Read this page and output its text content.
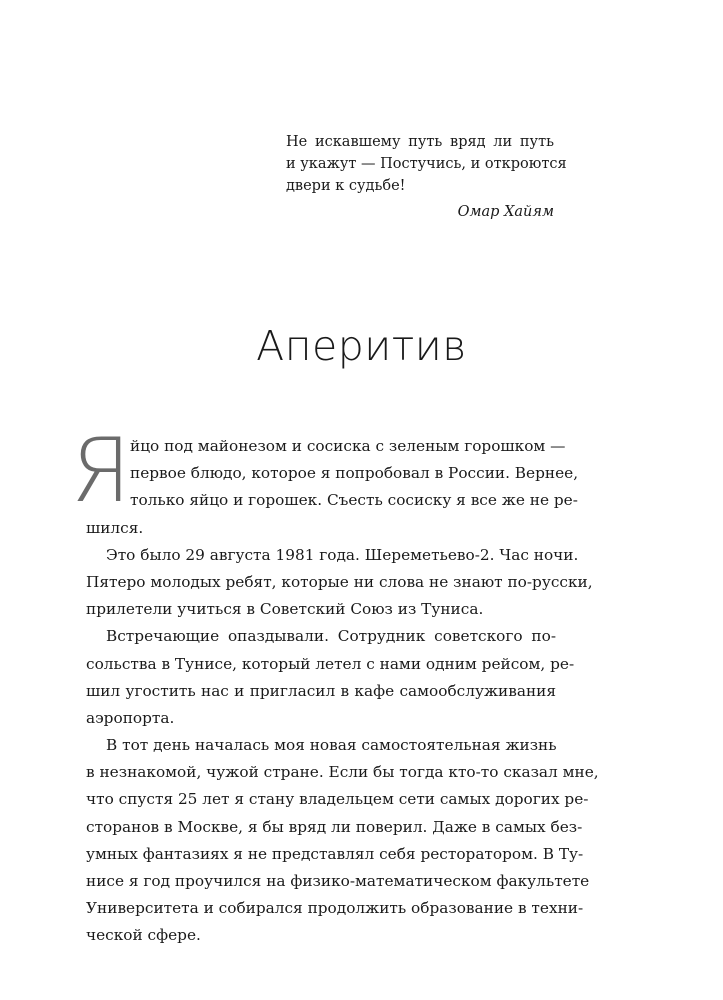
Не искавшему путь вряд ли путь
и укажут — Постучись, и откроются
двери к судьбе!
Омар Хайям
Аперитив
Я
йцо под майонезом и сосиска с зеленым горошком —
первое блюдо, которое я попробовал в России. Вернее,
только яйцо и горошек. Съесть сосиску я все же не ре-
шился.
Это было 29 августа 1981 года. Шереметьево-2. Час ночи.
Пятеро молодых ребят, которые ни слова не знают по-русски,
прилетели учиться в Советский Союз из Туниса.
Встречающие опаздывали. Сотрудник советского по-
сольства в Тунисе, который летел с нами одним рейсом, ре-
шил угостить нас и пригласил в кафе самообслуживания
аэропорта.
В тот день началась моя новая самостоятельная жизнь
в незнакомой, чужой стране. Если бы тогда кто-то сказал мне,
что спустя 25 лет я стану владельцем сети самых дорогих ре-
сторанов в Москве, я бы вряд ли поверил. Даже в самых без-
умных фантазиях я не представлял себя ресторатором. В Ту-
нисе я год проучился на физико-математическом факультете
Университета и собирался продолжить образование в техни-
ческой сфере.
